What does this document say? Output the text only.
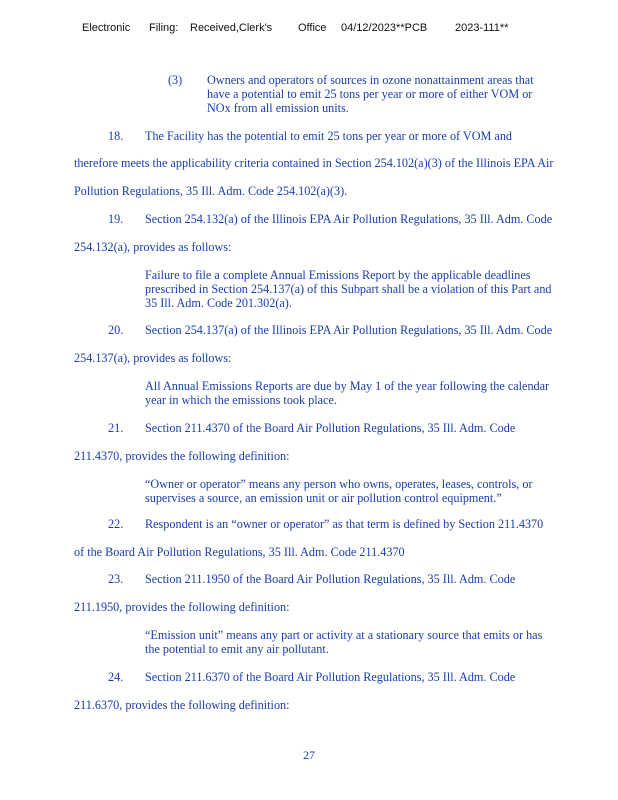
Electronic Filing: Received,Clerk's Office 04/12/2023**PCB	2023-111**
(3) Owners and operators of sources in ozone nonattainment areas that
have a potential to emit 25 tons per year or more of either VOM or
NOx from all emission units.
18. The Facility has the potential to emit 25 tons per year or more of VOM and
therefore meets the applicability criteria contained in Section 254.102(a)(3) of the Illinois EPA Air
Pollution Regulations, 35 Ill. Adm. Code 254.102(a)(3).
19. Section 254.132(a) of the Illinois EPA Air Pollution Regulations, 35 Ill. Adm. Code
254.132(a), provides as follows:
Failure to file a complete Annual Emissions Report by the applicable deadlines
prescribed in Section 254.137(a) of this Subpart shall be a violation of this Part and
35 Ill. Adm. Code 201.302(a).
20. Section 254.137(a) of the Illinois EPA Air Pollution Regulations, 35 Ill. Adm. Code
254.137(a), provides as follows:
All Annual Emissions Reports are due by May 1 of the year following the calendar
year in which the emissions took place.
21. Section 211.4370 of the Board Air Pollution Regulations, 35 Ill. Adm. Code
211.4370, provides the following definition:
“Owner or operator” means any person who owns, operates, leases, controls, or
supervises a source, an emission unit or air pollution control equipment.”
22. Respondent is an “owner or operator” as that term is defined by Section 211.4370
of the Board Air Pollution Regulations, 35 Ill. Adm. Code 211.4370
23. Section 211.1950 of the Board Air Pollution Regulations, 35 Ill. Adm. Code
211.1950, provides the following definition:
“Emission unit” means any part or activity at a stationary source that emits or has
the potential to emit any air pollutant.
24. Section 211.6370 of the Board Air Pollution Regulations, 35 Ill. Adm. Code
211.6370, provides the following definition:
27
